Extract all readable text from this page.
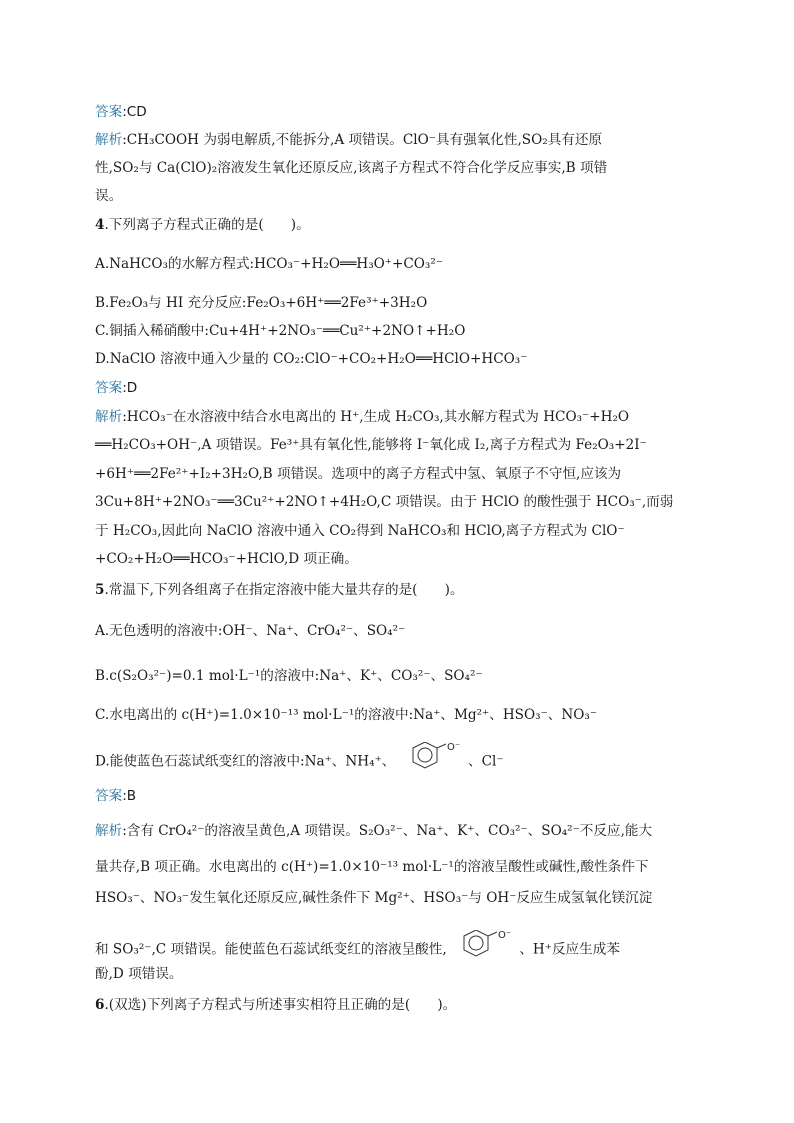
答案:CD
解析:CH₃COOH 为弱电解质,不能拆分,A 项错误。ClO⁻具有强氧化性,SO₂具有还原
性,SO₂与 Ca(ClO)₂溶液发生氧化还原反应,该离子方程式不符合化学反应事实,B 项错
误。
4.下列离子方程式正确的是(　　)。
A.NaHCO₃的水解方程式:HCO₃⁻+H₂O══H₃O⁺+CO₃²⁻
B.Fe₂O₃与 HI 充分反应:Fe₂O₃+6H⁺══2Fe³⁺+3H₂O
C.铜插入稀硝酸中:Cu+4H⁺+2NO₃⁻══Cu²⁺+2NO↑+H₂O
D.NaClO 溶液中通入少量的 CO₂:ClO⁻+CO₂+H₂O══HClO+HCO₃⁻
答案:D
解析:HCO₃⁻在水溶液中结合水电离出的 H⁺,生成 H₂CO₃,其水解方程式为 HCO₃⁻+H₂O
══H₂CO₃+OH⁻,A 项错误。Fe³⁺具有氧化性,能够将 I⁻氧化成 I₂,离子方程式为 Fe₂O₃+2I⁻
+6H⁺══2Fe²⁺+I₂+3H₂O,B 项错误。选项中的离子方程式中氢、氧原子不守恒,应该为
3Cu+8H⁺+2NO₃⁻══3Cu²⁺+2NO↑+4H₂O,C 项错误。由于 HClO 的酸性强于 HCO₃⁻,而弱
于 H₂CO₃,因此向 NaClO 溶液中通入 CO₂得到 NaHCO₃和 HClO,离子方程式为 ClO⁻
+CO₂+H₂O══HCO₃⁻+HClO,D 项正确。
5.常温下,下列各组离子在指定溶液中能大量共存的是(　　)。
A.无色透明的溶液中:OH⁻、Na⁺、CrO₄²⁻、SO₄²⁻
B.c(S₂O₃²⁻)=0.1 mol·L⁻¹的溶液中:Na⁺、K⁺、CO₃²⁻、SO₄²⁻
C.水电离出的 c(H⁺)=1.0×10⁻¹³ mol·L⁻¹的溶液中:Na⁺、Mg²⁺、HSO₃⁻、NO₃⁻
D.能使蓝色石蕊试纸变红的溶液中:Na⁺、NH₄⁺、
O⁻
、Cl⁻
答案:B
解析:含有 CrO₄²⁻的溶液呈黄色,A 项错误。S₂O₃²⁻、Na⁺、K⁺、CO₃²⁻、SO₄²⁻不反应,能大
量共存,B 项正确。水电离出的 c(H⁺)=1.0×10⁻¹³ mol·L⁻¹的溶液呈酸性或碱性,酸性条件下
HSO₃⁻、NO₃⁻发生氧化还原反应,碱性条件下 Mg²⁺、HSO₃⁻与 OH⁻反应生成氢氧化镁沉淀
和 SO₃²⁻,C 项错误。能使蓝色石蕊试纸变红的溶液呈酸性,
O⁻
、H⁺反应生成苯
酚,D 项错误。
6.(双选)下列离子方程式与所述事实相符且正确的是(　　)。
